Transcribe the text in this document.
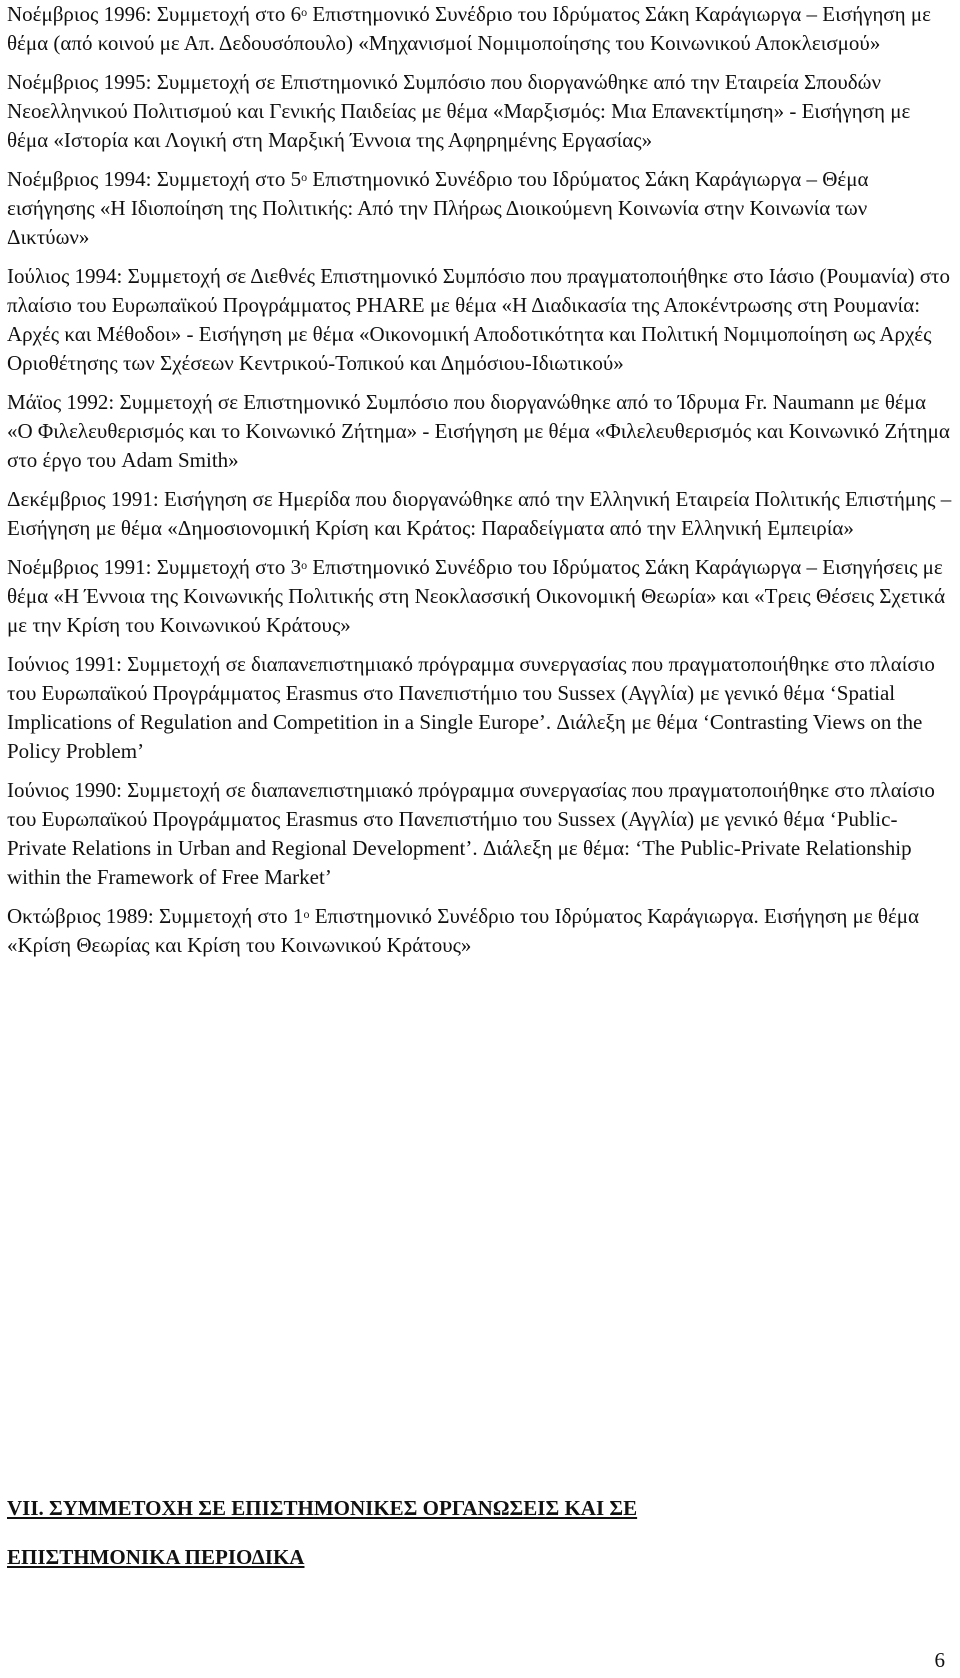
Νοέμβριος 1996: Συμμετοχή στο $6^o$ Επιστημονικό Συνέδριο του Ιδρύματος Σάκη Καράγιωργα – Εισήγηση με θέμα (από κοινού με Απ. Δεδουσόπουλο) «Μηχανισμοί Νομιμοποίησης του Κοινωνικού Αποκλεισμού»

Νοέμβριος 1995: Συμμετοχή σε Επιστημονικό Συμπόσιο που διοργανώθηκε από την Εταιρεία Σπουδών Νεοελληνικού Πολιτισμού και Γενικής Παιδείας με θέμα «Μαρξισμός: Μια Επανεκτίμηση» - Εισήγηση με θέμα «Ιστορία και Λογική στη Μαρξική Έννοια της Αφηρημένης Εργασίας»

Νοέμβριος 1994: Συμμετοχή στο $5^o$ Επιστημονικό Συνέδριο του Ιδρύματος Σάκη Καράγιωργα – Θέμα εισήγησης «Η Ιδιοποίηση της Πολιτικής: Από την Πλήρως Διοικούμενη Κοινωνία στην Κοινωνία των Δικτύων»

Ιούλιος 1994: Συμμετοχή σε Διεθνές Επιστημονικό Συμπόσιο που πραγματοποιήθηκε στο Ιάσιο (Ρουμανία) στο πλαίσιο του Ευρωπαϊκού Προγράμματος PHARE με θέμα «Η Διαδικασία της Αποκέντρωσης στη Ρουμανία: Αρχές και Μέθοδοι» - Εισήγηση με θέμα «Οικονομική Αποδοτικότητα και Πολιτική Νομιμοποίηση ως Αρχές Οριοθέτησης των Σχέσεων Κεντρικού-Τοπικού και Δημόσιου-Ιδιωτικού»

Μάϊος 1992: Συμμετοχή σε Επιστημονικό Συμπόσιο που διοργανώθηκε από το Ίδρυμα Fr. Naumann με θέμα «Ο Φιλελευθερισμός και το Κοινωνικό Ζήτημα» - Εισήγηση με θέμα «Φιλελευθερισμός και Κοινωνικό Ζήτημα στο έργο του Adam Smith»

Δεκέμβριος 1991: Εισήγηση σε Ημερίδα που διοργανώθηκε από την Ελληνική Εταιρεία Πολιτικής Επιστήμης – Εισήγηση με θέμα «Δημοσιονομική Κρίση και Κράτος: Παραδείγματα από την Ελληνική Εμπειρία»

Νοέμβριος 1991: Συμμετοχή στο $3^o$ Επιστημονικό Συνέδριο του Ιδρύματος Σάκη Καράγιωργα – Εισηγήσεις με θέμα «Η Έννοια της Κοινωνικής Πολιτικής στη Νεοκλασσική Οικονομική Θεωρία» και «Τρεις Θέσεις Σχετικά με την Κρίση του Κοινωνικού Κράτους»

Ιούνιος 1991: Συμμετοχή σε διαπανεπιστημιακό πρόγραμμα συνεργασίας που πραγματοποιήθηκε στο πλαίσιο του Ευρωπαϊκού Προγράμματος Erasmus στο Πανεπιστήμιο του Sussex (Αγγλία) με γενικό θέμα ‘Spatial Implications of Regulation and Competition in a Single Europe’. Διάλεξη με θέμα ‘Contrasting Views on the Policy Problem’

Ιούνιος 1990: Συμμετοχή σε διαπανεπιστημιακό πρόγραμμα συνεργασίας που πραγματοποιήθηκε στο πλαίσιο του Ευρωπαϊκού Προγράμματος Erasmus στο Πανεπιστήμιο του Sussex (Αγγλία) με γενικό θέμα ‘Public-Private Relations in Urban and Regional Development’. Διάλεξη με θέμα: ‘The Public-Private Relationship within the Framework of Free Market’

Οκτώβριος 1989: Συμμετοχή στο $1^o$ Επιστημονικό Συνέδριο του Ιδρύματος Καράγιωργα. Εισήγηση με θέμα «Κρίση Θεωρίας και Κρίση του Κοινωνικού Κράτους»

VII. ΣΥΜΜΕΤΟΧΗ ΣΕ ΕΠΙΣΤΗΜΟΝΙΚΕΣ ΟΡΓΑΝΩΣΕΙΣ ΚΑΙ ΣΕ

ΕΠΙΣΤΗΜΟΝΙΚΑ ΠΕΡΙΟΔΙΚΑ

6
